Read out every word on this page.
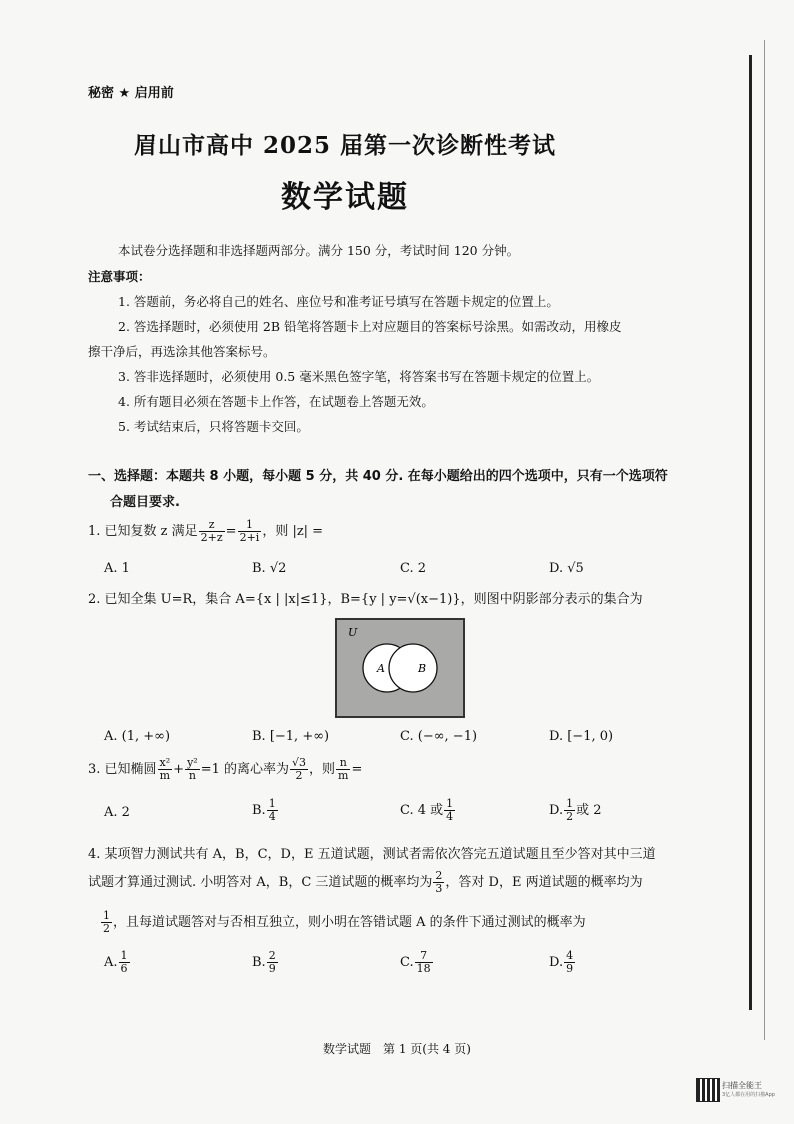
秘密 ★ 启用前
眉山市高中 2025 届第一次诊断性考试
数学试题
本试卷分选择题和非选择题两部分。满分 150 分，考试时间 120 分钟。
注意事项：
1. 答题前，务必将自己的姓名、座位号和准考证号填写在答题卡规定的位置上。
2. 答选择题时，必须使用 2B 铅笔将答题卡上对应题目的答案标号涂黑。如需改动，用橡皮
擦干净后，再选涂其他答案标号。
3. 答非选择题时，必须使用 0.5 毫米黑色签字笔，将答案书写在答题卡规定的位置上。
4. 所有题目必须在答题卡上作答，在试题卷上答题无效。
5. 考试结束后，只将答题卡交回。
一、选择题：本题共 8 小题，每小题 5 分，共 40 分. 在每小题给出的四个选项中，只有一个选项符
合题目要求.
1. 已知复数 z 满足 $\frac{z}{2+z} = \frac{1}{2+i}$ ，则 |z| =
A. 1	B. √2	C. 2	D. √5
2. 已知全集 U=R，集合 A={x | |x|≤1}，B={y | y=√(x−1)}，则图中阴影部分表示的集合为
U
A	B
A. (1, +∞)	B. [−1, +∞)	C. (−∞, −1)	D. [−1, 0)
3. 已知椭圆 $\frac{\text{x²}}{m} + \frac{\text{y²}}{n} =1$ 的离心率为 $\frac{√3}{2}$ ，则 $\frac{n}{m}$ =
A. 2	B. $\frac{1}{4}$	C. 4 或 $\frac{1}{4}$	D. $\frac{1}{2}$ 或 2
4. 某项智力测试共有 A，B，C，D，E 五道试题，测试者需依次答完五道试题且至少答对其中三道
试题才算通过测试. 小明答对 A，B，C 三道试题的概率均为 $\frac{2}{3}$ ，答对 D，E 两道试题的概率均为
$\frac{1}{2}$ ，且每道试题答对与否相互独立，则小明在答错试题 A 的条件下通过测试的概率为
A. $\frac{1}{6}$	B. $\frac{2}{9}$	C. $\frac{7}{18}$	D. $\frac{4}{9}$
数学试题　第 1 页(共 4 页)
扫描全能王
3亿人都在用的扫描App
